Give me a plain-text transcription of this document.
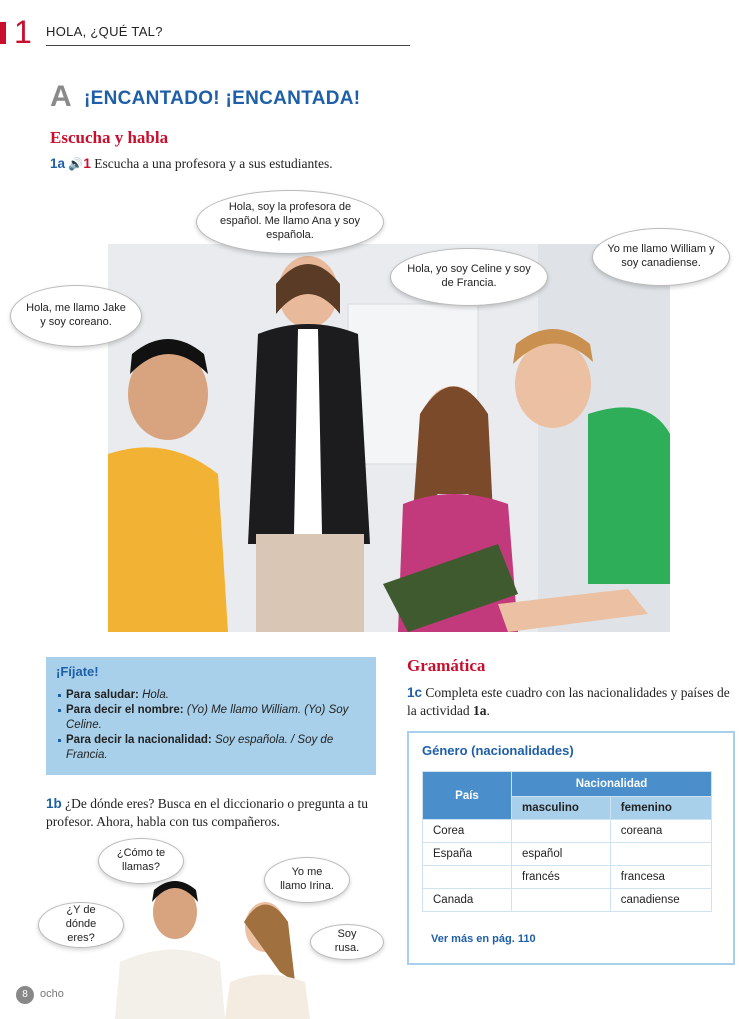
1 HOLA, ¿QUÉ TAL?
A ¡ENCANTADO! ¡ENCANTADA!
Escucha y habla
1a 🔊1 Escucha a una profesora y a sus estudiantes.
Hola, me llamo Jake y soy coreano.
Hola, soy la profesora de español. Me llamo Ana y soy española.
Hola, yo soy Celine y soy de Francia.
Yo me llamo William y soy canadiense.
¡Fíjate!
Para saludar: Hola.
Para decir el nombre: (Yo) Me llamo William. (Yo) Soy Celine.
Para decir la nacionalidad: Soy española. / Soy de Francia.
1b ¿De dónde eres? Busca en el diccionario o pregunta a tu profesor. Ahora, habla con tus compañeros.
¿Cómo te llamas?
¿Y de dónde eres?
Yo me llamo Irina.
Soy rusa.
Gramática
1c Completa este cuadro con las nacionalidades y países de la actividad 1a.
Género (nacionalidades)
País	Nacionalidad	
	masculino	femenino
Corea		coreana
España	español	
	francés	francesa
Canada		canadiense
Ver más en pág. 110
8	ocho
